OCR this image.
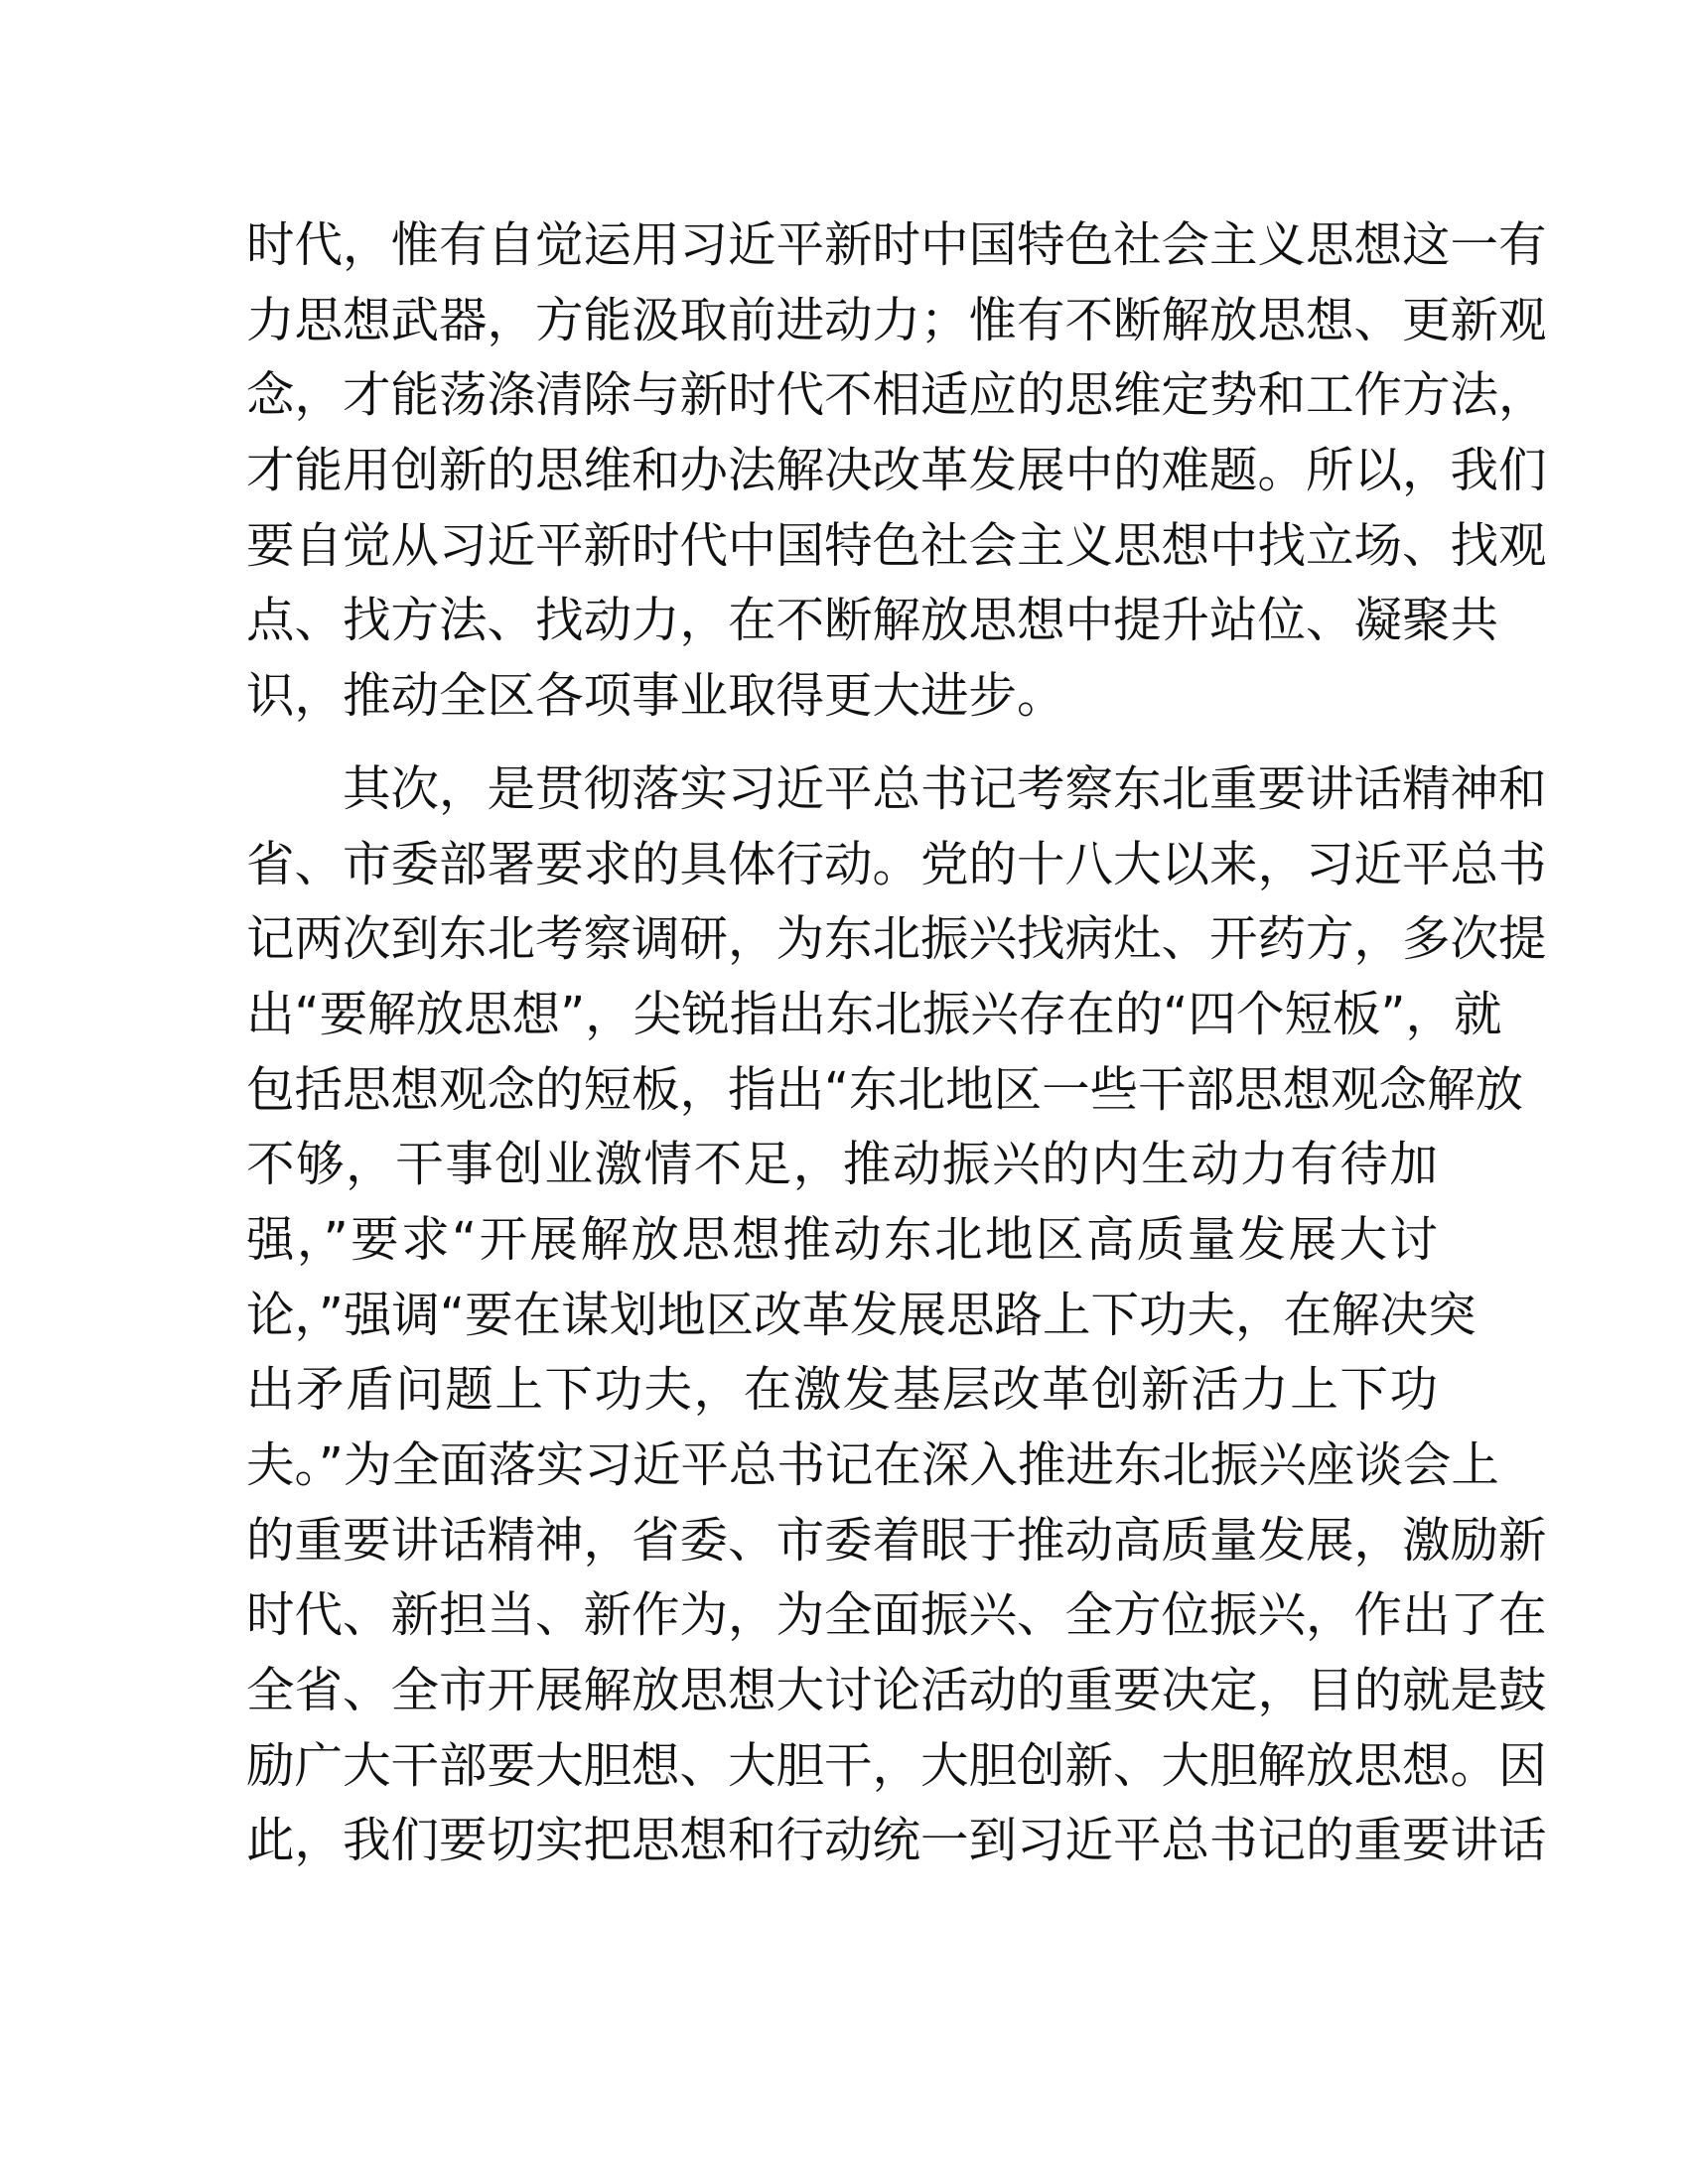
时代，惟有自觉运用习近平新时中国特色社会主义思想这一有
力思想武器，方能汲取前进动力；惟有不断解放思想、更新观
念，才能荡涤清除与新时代不相适应的思维定势和工作方法，
才能用创新的思维和办法解决改革发展中的难题。所以，我们
要自觉从习近平新时代中国特色社会主义思想中找立场、找观
点、找方法、找动力，在不断解放思想中提升站位、凝聚共
识，推动全区各项事业取得更大进步。
其次，是贯彻落实习近平总书记考察东北重要讲话精神和
省、市委部署要求的具体行动。党的十八大以来，习近平总书
记两次到东北考察调研，为东北振兴找病灶、开药方，多次提
出“要解放思想”，尖锐指出东北振兴存在的“四个短板”，就
包括思想观念的短板，指出“东北地区一些干部思想观念解放
不够，干事创业激情不足，推动振兴的内生动力有待加
强，”要求“开展解放思想推动东北地区高质量发展大讨
论，”强调“要在谋划地区改革发展思路上下功夫，在解决突
出矛盾问题上下功夫，在激发基层改革创新活力上下功
夫。”为全面落实习近平总书记在深入推进东北振兴座谈会上
的重要讲话精神，省委、市委着眼于推动高质量发展，激励新
时代、新担当、新作为，为全面振兴、全方位振兴，作出了在
全省、全市开展解放思想大讨论活动的重要决定，目的就是鼓
励广大干部要大胆想、大胆干，大胆创新、大胆解放思想。因
此，我们要切实把思想和行动统一到习近平总书记的重要讲话
